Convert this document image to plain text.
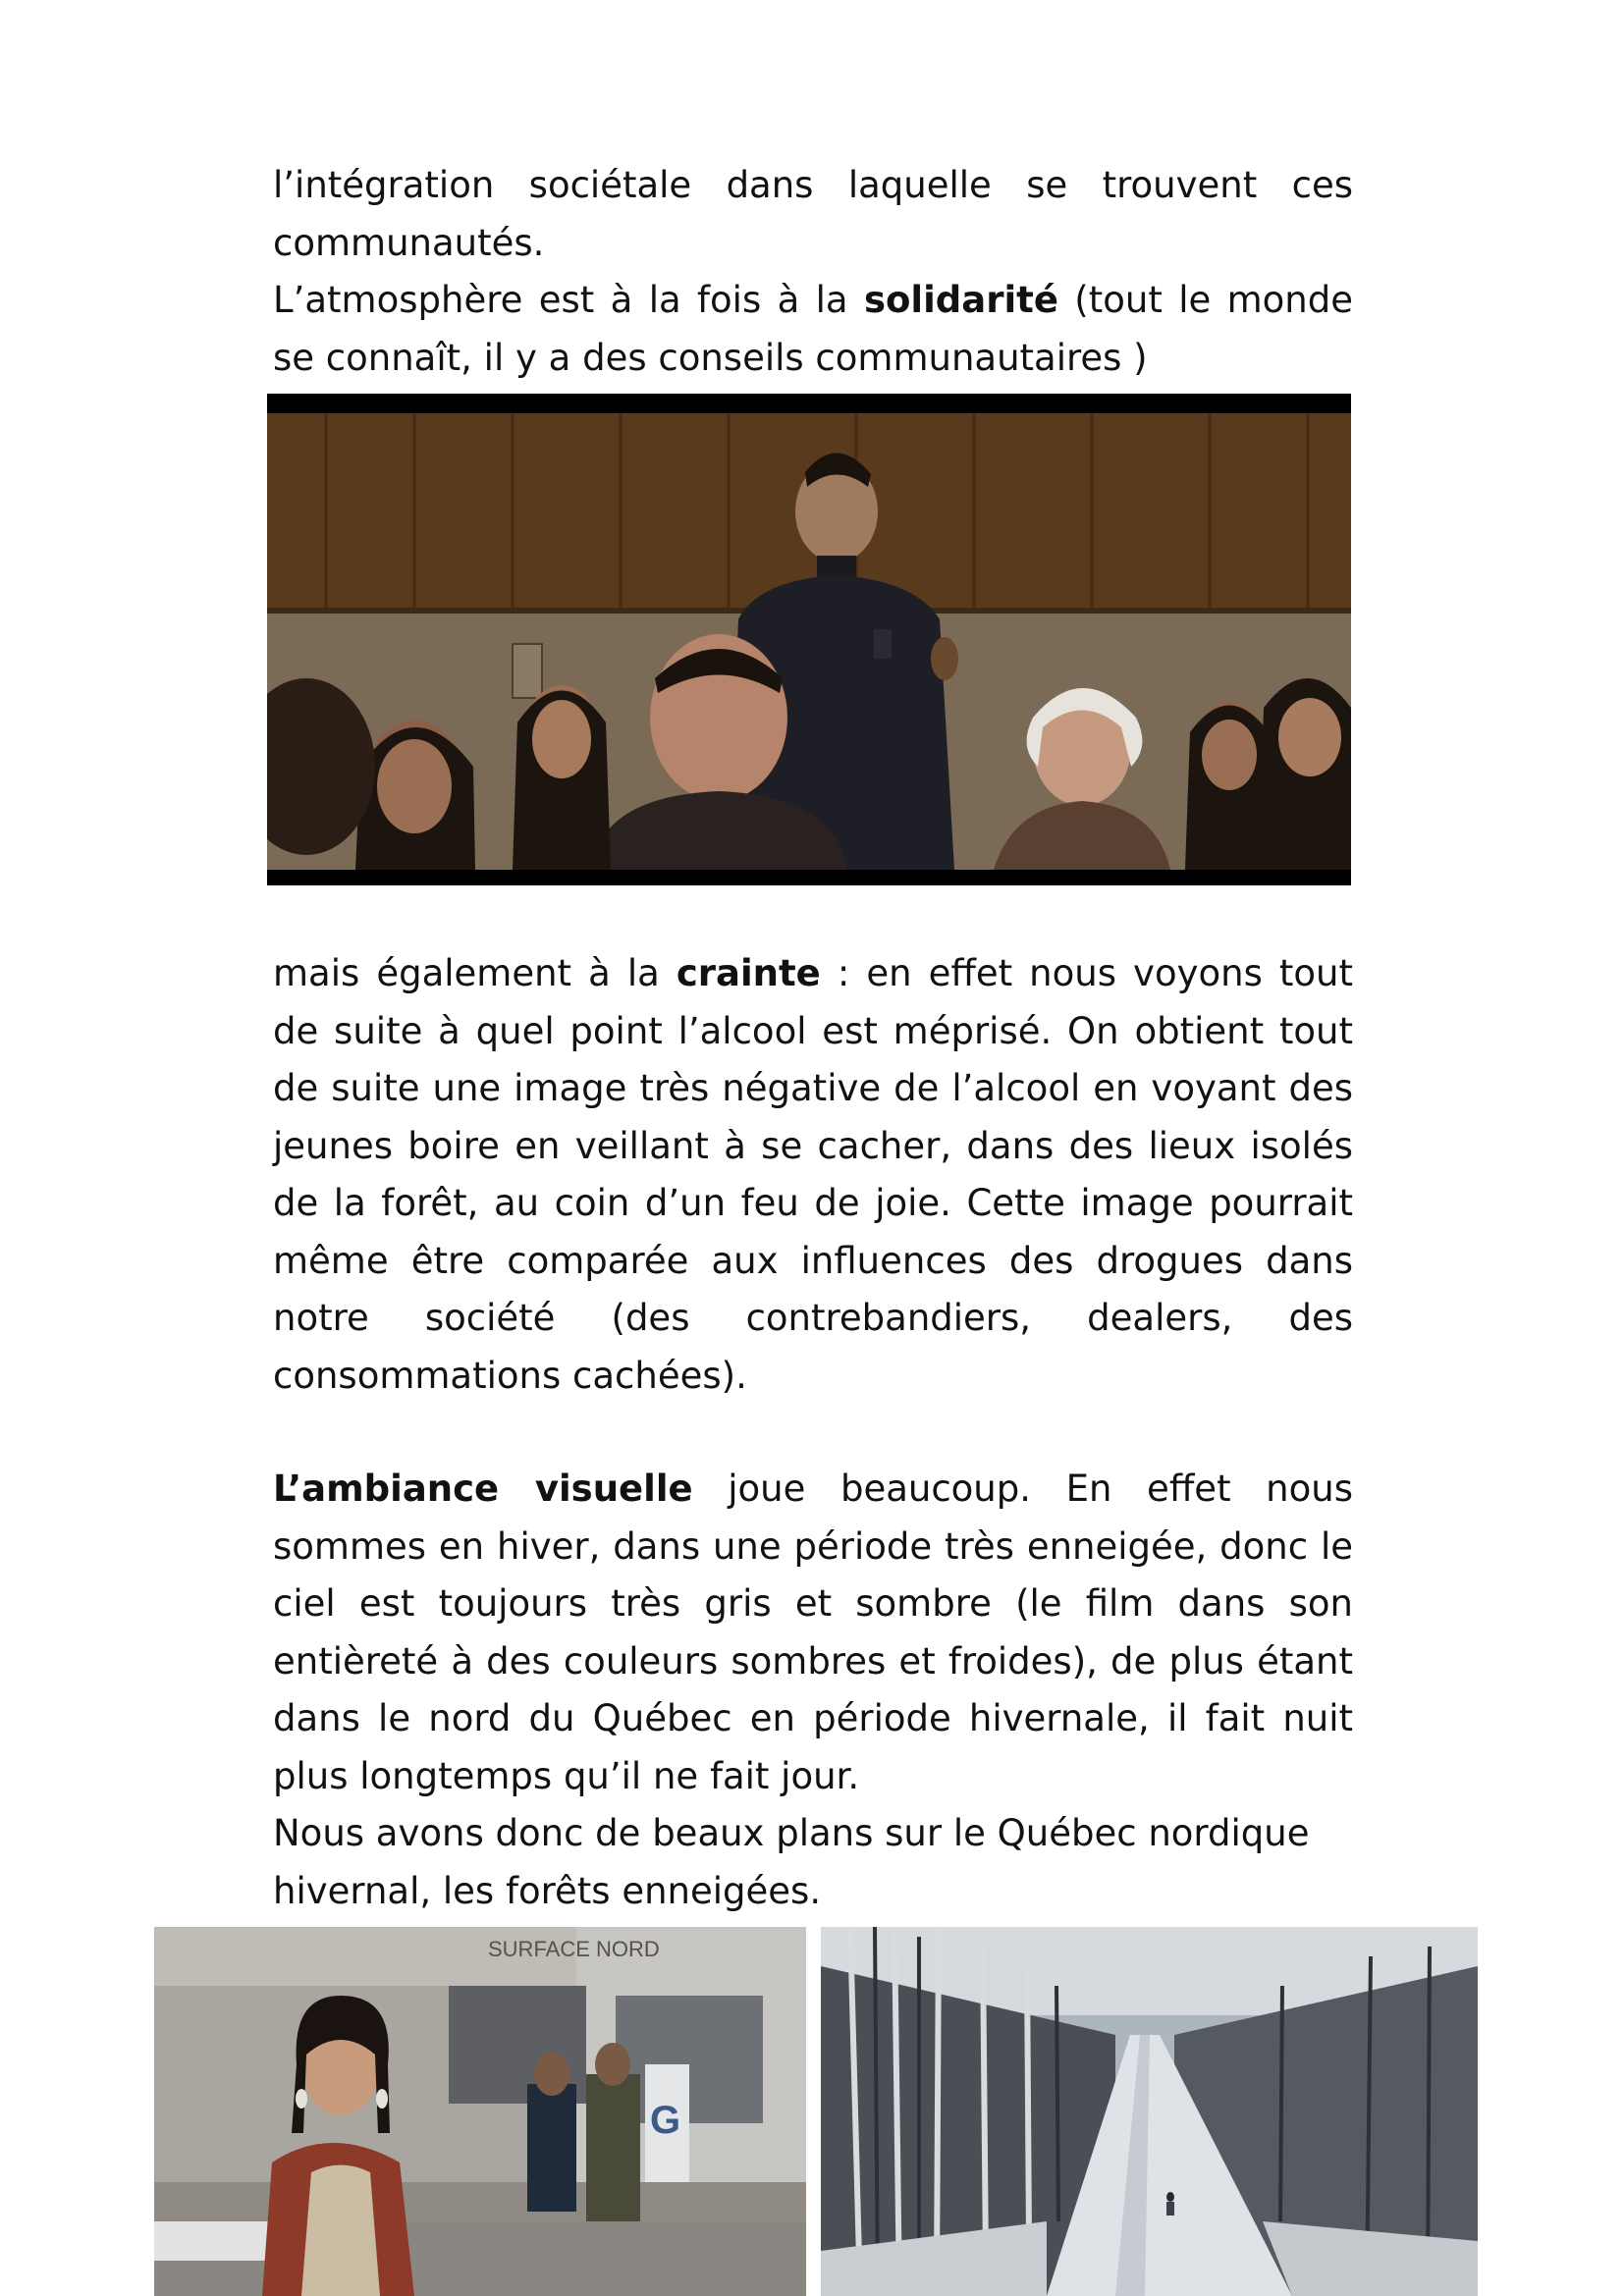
l’intégration sociétale dans laquelle se trouvent ces

communautés.

L’atmosphère est à la fois à la solidarité (tout le monde se connaît, il y a des conseils communautaires )

mais également à la crainte : en effet nous voyons tout de suite à quel point l’alcool est méprisé. On obtient tout de suite une image très négative de l’alcool en voyant des jeunes boire en veillant à se cacher, dans des lieux isolés de la forêt, au coin d’un feu de joie. Cette image pourrait même être comparée aux influences des drogues dans notre société (des contrebandiers, dealers, des consommations cachées).

L’ambiance visuelle joue beaucoup. En effet nous sommes en hiver, dans une période très enneigée, donc le ciel est toujours très gris et sombre (le film dans son entièreté à des couleurs sombres et froides), de plus étant dans le nord du Québec en période hivernale, il fait nuit plus longtemps qu’il ne fait jour.

Nous avons donc de beaux plans sur le Québec nordique

hivernal, les forêts enneigées.

SURFACE NORD
G
